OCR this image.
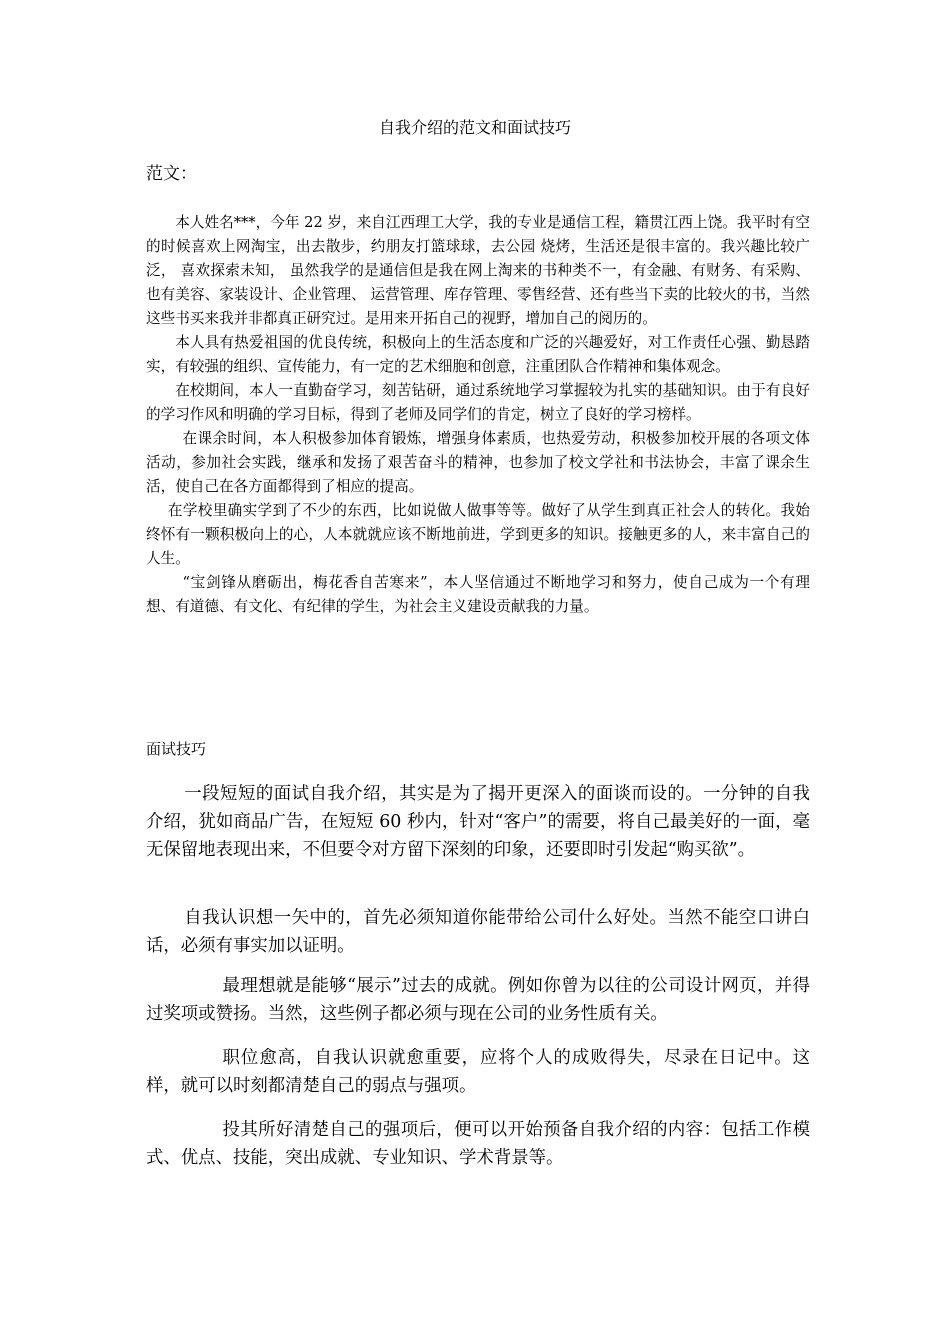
自我介绍的范文和面试技巧
范文：

本人姓名***，今年 22 岁，来自江西理工大学，我的专业是通信工程，籍贯江西上饶。我平时有空的时候喜欢上网淘宝，出去散步，约朋友打篮球球，去公园 烧烤，生活还是很丰富的。我兴趣比较广泛， 喜欢探索未知， 虽然我学的是通信但是我在网上淘来的书种类不一，有金融、有财务、有采购、也有美容、家装设计、企业管理、 运营管理、库存管理、零售经营、还有些当下卖的比较火的书，当然 这些书买来我并非都真正研究过。是用来开拓自己的视野，增加自己的阅历的。

本人具有热爱祖国的优良传统，积极向上的生活态度和广泛的兴趣爱好，对工作责任心强、勤恳踏实，有较强的组织、宣传能力，有一定的艺术细胞和创意，注重团队合作精神和集体观念。

在校期间，本人一直勤奋学习，刻苦钻研，通过系统地学习掌握较为扎实的基础知识。由于有良好的学习作风和明确的学习目标，得到了老师及同学们的肯定，树立了良好的学习榜样。

在课余时间，本人积极参加体育锻炼，增强身体素质，也热爱劳动，积极参加校开展的各项文体活动，参加社会实践，继承和发扬了艰苦奋斗的精神，也参加了校文学社和书法协会，丰富了课余生活，使自己在各方面都得到了相应的提高。

在学校里确实学到了不少的东西，比如说做人做事等等。做好了从学生到真正社会人的转化。我始终怀有一颗积极向上的心，人本就就应该不断地前进，学到更多的知识。接触更多的人，来丰富自己的人生。

“宝剑锋从磨砺出，梅花香自苦寒来”，本人坚信通过不断地学习和努力，使自己成为一个有理想、有道德、有文化、有纪律的学生，为社会主义建设贡献我的力量。

面试技巧

一段短短的面试自我介绍，其实是为了揭开更深入的面谈而设的。一分钟的自我介绍，犹如商品广告，在短短 60 秒内，针对“客户”的需要，将自己最美好的一面，毫无保留地表现出来，不但要令对方留下深刻的印象，还要即时引发起“购买欲”。

自我认识想一矢中的，首先必须知道你能带给公司什么好处。当然不能空口讲白话，必须有事实加以证明。

最理想就是能够“展示”过去的成就。例如你曾为以往的公司设计网页，并得过奖项或赞扬。当然，这些例子都必须与现在公司的业务性质有关。

职位愈高，自我认识就愈重要，应将个人的成败得失，尽录在日记中。这样，就可以时刻都清楚自己的弱点与强项。

投其所好清楚自己的强项后，便可以开始预备自我介绍的内容：包括工作模式、优点、技能，突出成就、专业知识、学术背景等。
